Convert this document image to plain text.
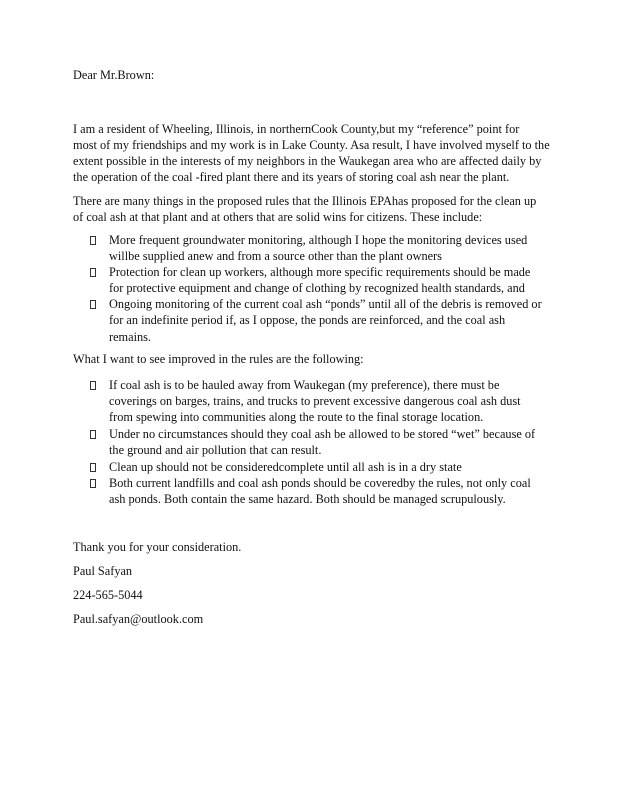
Dear Mr.Brown:
I am a resident of Wheeling, Illinois, in northernCook County,but my “reference” point for
most of my friendships and my work is in Lake County. Asa result, I have involved myself to the
extent possible in the interests of my neighbors in the Waukegan area who are affected daily by
the operation of the coal -fired plant there and its years of storing coal ash near the plant.
There are many things in the proposed rules that the Illinois EPAhas proposed for the clean up
of coal ash at that plant and at others that are solid wins for citizens. These include:
More frequent groundwater monitoring, although I hope the monitoring devices used
willbe supplied anew and from a source other than the plant owners
Protection for clean up workers, although more specific requirements should be made
for protective equipment and change of clothing by recognized health standards, and
Ongoing monitoring of the current coal ash “ponds” until all of the debris is removed or
for an indefinite period if, as I oppose, the ponds are reinforced, and the coal ash
remains.
What I want to see improved in the rules are the following:
If coal ash is to be hauled away from Waukegan (my preference), there must be
coverings on barges, trains, and trucks to prevent excessive dangerous coal ash dust
from spewing into communities along the route to the final storage location.
Under no circumstances should they coal ash be allowed to be stored “wet” because of
the ground and air pollution that can result.
Clean up should not be consideredcomplete until all ash is in a dry state
Both current landfills and coal ash ponds should be coveredby the rules, not only coal
ash ponds. Both contain the same hazard. Both should be managed scrupulously.
Thank you for your consideration.
Paul Safyan
224-565-5044
Paul.safyan@outlook.com
